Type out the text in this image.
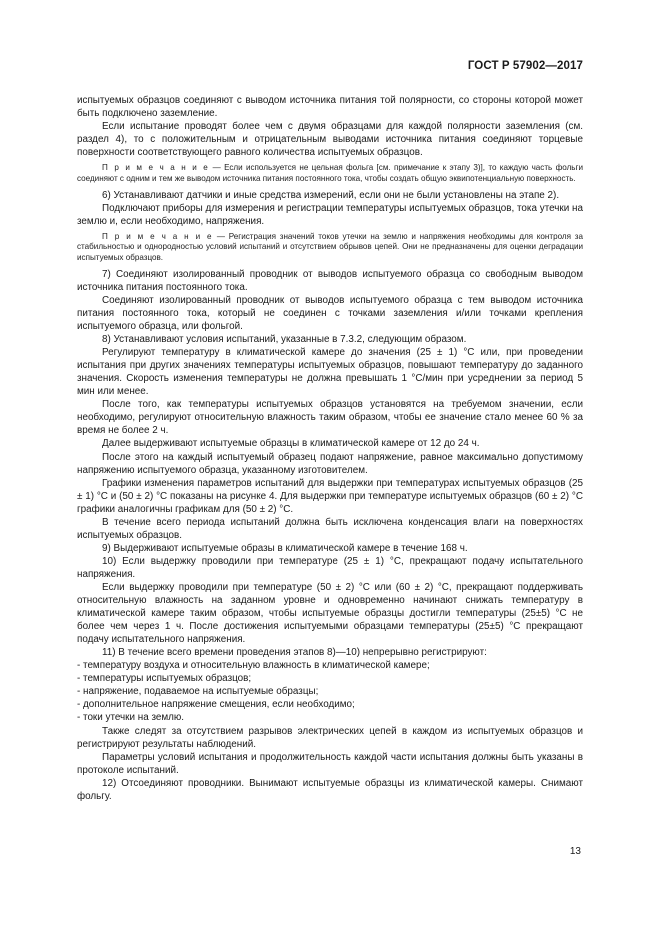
ГОСТ Р 57902—2017

испытуемых образцов соединяют с выводом источника питания той полярности, со стороны которой может быть подключено заземление.

Если испытание проводят более чем с двумя образцами для каждой полярности заземления (см. раздел 4), то с положительным и отрицательным выводами источника питания соединяют торцевые поверхности соответствующего равного количества испытуемых образцов.

П р и м е ч а н и е — Если используется не цельная фольга [см. примечание к этапу 3)], то каждую часть фольги соединяют с одним и тем же выводом источника питания постоянного тока, чтобы создать общую эквипотенциальную поверхность.

6) Устанавливают датчики и иные средства измерений, если они не были установлены на этапе 2).

Подключают приборы для измерения и регистрации температуры испытуемых образцов, тока утечки на землю и, если необходимо, напряжения.

П р и м е ч а н и е — Регистрация значений токов утечки на землю и напряжения необходимы для контроля за стабильностью и однородностью условий испытаний и отсутствием обрывов цепей. Они не предназначены для оценки деградации испытуемых образцов.

7) Соединяют изолированный проводник от выводов испытуемого образца со свободным выводом источника питания постоянного тока.

Соединяют изолированный проводник от выводов испытуемого образца с тем выводом источника питания постоянного тока, который не соединен с точками заземления и/или точками крепления испытуемого образца, или фольгой.

8) Устанавливают условия испытаний, указанные в 7.3.2, следующим образом.

Регулируют температуру в климатической камере до значения (25 ± 1) °C или, при проведении испытания при других значениях температуры испытуемых образцов, повышают температуру до заданного значения. Скорость изменения температуры не должна превышать 1 °C/мин при усреднении за период 5 мин или менее.

После того, как температуры испытуемых образцов установятся на требуемом значении, если необходимо, регулируют относительную влажность таким образом, чтобы ее значение стало менее 60 % за время не более 2 ч.

Далее выдерживают испытуемые образцы в климатической камере от 12 до 24 ч.

После этого на каждый испытуемый образец подают напряжение, равное максимально допустимому напряжению испытуемого образца, указанному изготовителем.

Графики изменения параметров испытаний для выдержки при температурах испытуемых образцов (25 ± 1) °C и (50 ± 2) °C показаны на рисунке 4. Для выдержки при температуре испытуемых образцов (60 ± 2) °C графики аналогичны графикам для (50 ± 2) °C.

В течение всего периода испытаний должна быть исключена конденсация влаги на поверхностях испытуемых образцов.

9) Выдерживают испытуемые образы в климатической камере в течение 168 ч.

10) Если выдержку проводили при температуре (25 ± 1) °C, прекращают подачу испытательного напряжения.

Если выдержку проводили при температуре (50 ± 2) °C или (60 ± 2) °C, прекращают поддерживать относительную влажность на заданном уровне и одновременно начинают снижать температуру в климатической камере таким образом, чтобы испытуемые образцы достигли температуры (25±5) °C не более чем через 1 ч. После достижения испытуемыми образцами температуры (25±5) °C прекращают подачу испытательного напряжения.

11) В течение всего времени проведения этапов 8)—10) непрерывно регистрируют:

- температуру воздуха и относительную влажность в климатической камере;

- температуры испытуемых образцов;

- напряжение, подаваемое на испытуемые образцы;

- дополнительное напряжение смещения, если необходимо;

- токи утечки на землю.

Также следят за отсутствием разрывов электрических цепей в каждом из испытуемых образцов и регистрируют результаты наблюдений.

Параметры условий испытания и продолжительность каждой части испытания должны быть указаны в протоколе испытаний.

12) Отсоединяют проводники. Вынимают испытуемые образцы из климатической камеры. Снимают фольгу.

13
